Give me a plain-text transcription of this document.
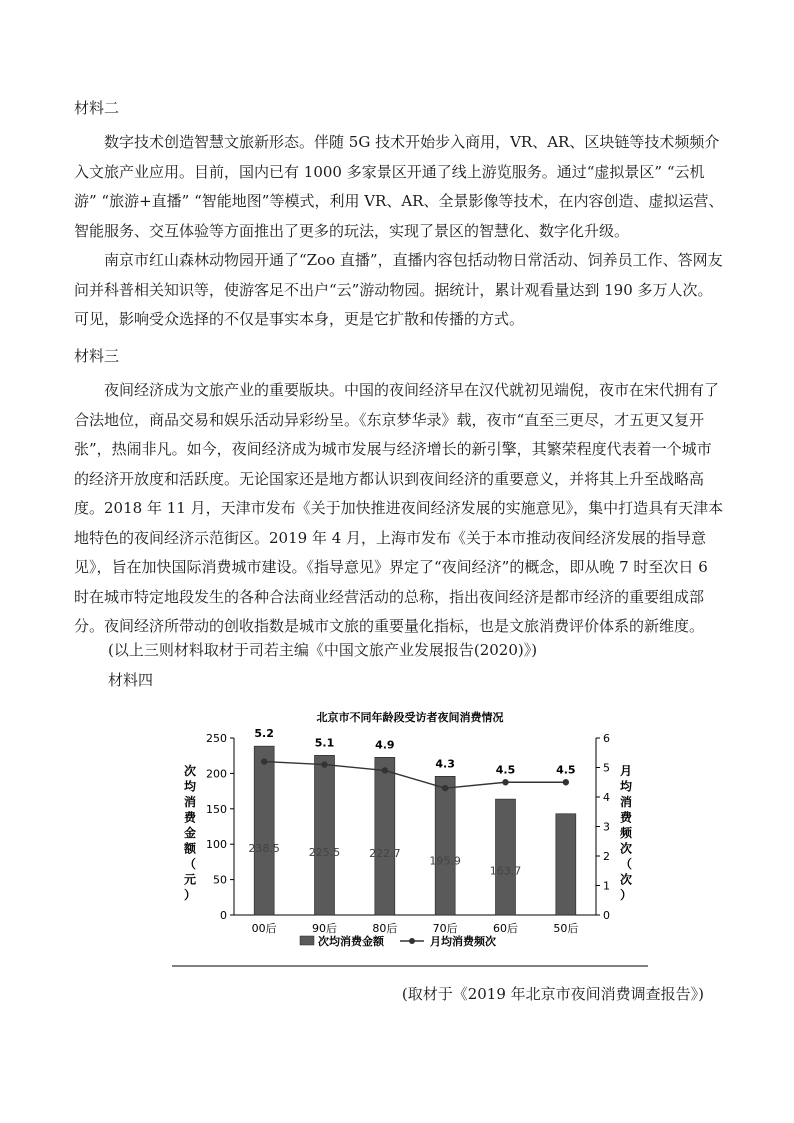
材料二

数字技术创造智慧文旅新形态。伴随 5G 技术开始步入商用，VR、AR、区块链等技术频频介入文旅产业应用。目前，国内已有 1000 多家景区开通了线上游览服务。通过“虚拟景区” “云机游” “旅游+直播” “智能地图”等模式，利用 VR、AR、全景影像等技术，在内容创造、虚拟运营、智能服务、交互体验等方面推出了更多的玩法，实现了景区的智慧化、数字化升级。

南京市红山森林动物园开通了“Zoo 直播”，直播内容包括动物日常活动、饲养员工作、答网友问并科普相关知识等，使游客足不出户“云”游动物园。据统计，累计观看量达到 190 多万人次。可见，影响受众选择的不仅是事实本身，更是它扩散和传播的方式。

材料三

夜间经济成为文旅产业的重要版块。中国的夜间经济早在汉代就初见端倪，夜市在宋代拥有了合法地位，商品交易和娱乐活动异彩纷呈。《东京梦华录》载，夜市“直至三更尽，才五更又复开张”，热闹非凡。如今，夜间经济成为城市发展与经济增长的新引擎，其繁荣程度代表着一个城市的经济开放度和活跃度。无论国家还是地方都认识到夜间经济的重要意义，并将其上升至战略高度。2018 年 11 月，天津市发布《关于加快推进夜间经济发展的实施意见》，集中打造具有天津本地特色的夜间经济示范街区。2019 年 4 月，上海市发布《关于本市推动夜间经济发展的指导意见》，旨在加快国际消费城市建设。《指导意见》界定了“夜间经济”的概念，即从晚 7 时至次日 6 时在城市特定地段发生的各种合法商业经营活动的总称，指出夜间经济是都市经济的重要组成部分。夜间经济所带动的创收指数是城市文旅的重要量化指标，也是文旅消费评价体系的新维度。

(以上三则材料取材于司若主编《中国文旅产业发展报告(2020)》)
材料四
北京市不同年龄段受访者夜间消费情况
0
50
100
150
200
250
0
1
2
3
4
5
6
次
均
消
费
金
额
（
元
）
月
均
消
费
频
次
（
次
）
238.5	225.5	222.7
195.9
163.7
5.2
5.1	4.9
4.3	4.5	4.5
00后	90后	80后	70后	60后	50后
次均消费金额	月均消费频次
(取材于《2019 年北京市夜间消费调查报告》)
